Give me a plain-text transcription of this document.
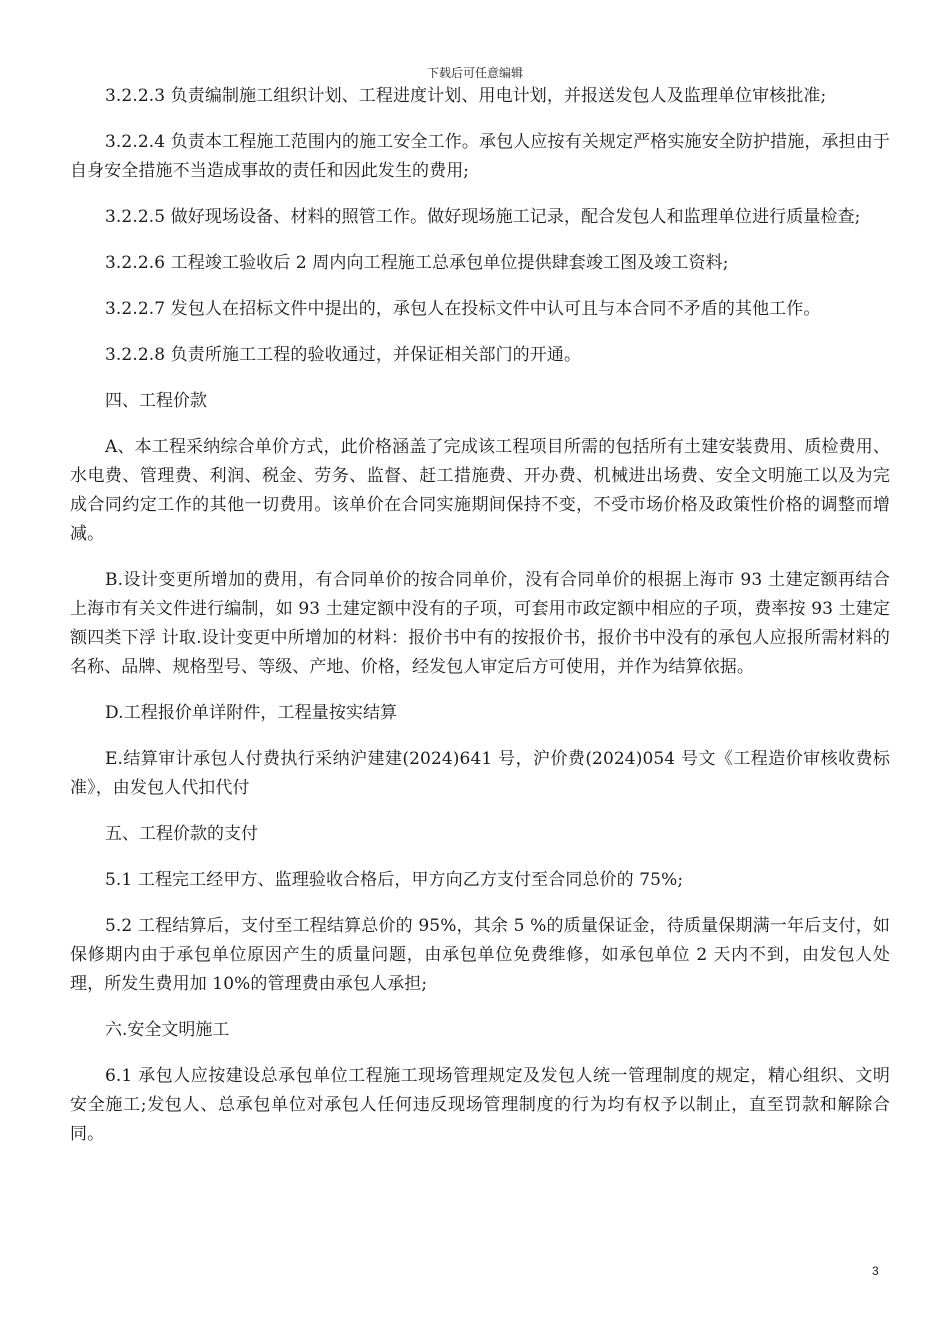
下载后可任意编辑

3.2.2.3 负责编制施工组织计划、工程进度计划、用电计划，并报送发包人及监理单位审核批准;

3.2.2.4 负责本工程施工范围内的施工安全工作。承包人应按有关规定严格实施安全防护措施，承担由于自身安全措施不当造成事故的责任和因此发生的费用;

3.2.2.5 做好现场设备、材料的照管工作。做好现场施工记录，配合发包人和监理单位进行质量检查;

3.2.2.6 工程竣工验收后 2 周内向工程施工总承包单位提供肆套竣工图及竣工资料;

3.2.2.7 发包人在招标文件中提出的，承包人在投标文件中认可且与本合同不矛盾的其他工作。

3.2.2.8 负责所施工工程的验收通过，并保证相关部门的开通。

四、工程价款

A、本工程采纳综合单价方式，此价格涵盖了完成该工程项目所需的包括所有土建安装费用、质检费用、水电费、管理费、利润、税金、劳务、监督、赶工措施费、开办费、机械进出场费、安全文明施工以及为完成合同约定工作的其他一切费用。该单价在合同实施期间保持不变，不受市场价格及政策性价格的调整而增减。

B.设计变更所增加的费用，有合同单价的按合同单价，没有合同单价的根据上海市 93 土建定额再结合上海市有关文件进行编制，如 93 土建定额中没有的子项，可套用市政定额中相应的子项，费率按 93 土建定额四类下浮 计取.设计变更中所增加的材料：报价书中有的按报价书，报价书中没有的承包人应报所需材料的名称、品牌、规格型号、等级、产地、价格，经发包人审定后方可使用，并作为结算依据。

D.工程报价单详附件，工程量按实结算

E.结算审计承包人付费执行采纳沪建建(2024)641 号，沪价费(2024)054 号文《工程造价审核收费标准》，由发包人代扣代付

五、工程价款的支付

5.1 工程完工经甲方、监理验收合格后，甲方向乙方支付至合同总价的 75%;

5.2 工程结算后，支付至工程结算总价的 95%，其余 5 %的质量保证金，待质量保期满一年后支付，如保修期内由于承包单位原因产生的质量问题，由承包单位免费维修，如承包单位 2 天内不到，由发包人处理，所发生费用加 10%的管理费由承包人承担;

六.安全文明施工

6.1 承包人应按建设总承包单位工程施工现场管理规定及发包人统一管理制度的规定，精心组织、文明安全施工;发包人、总承包单位对承包人任何违反现场管理制度的行为均有权予以制止，直至罚款和解除合同。

3
